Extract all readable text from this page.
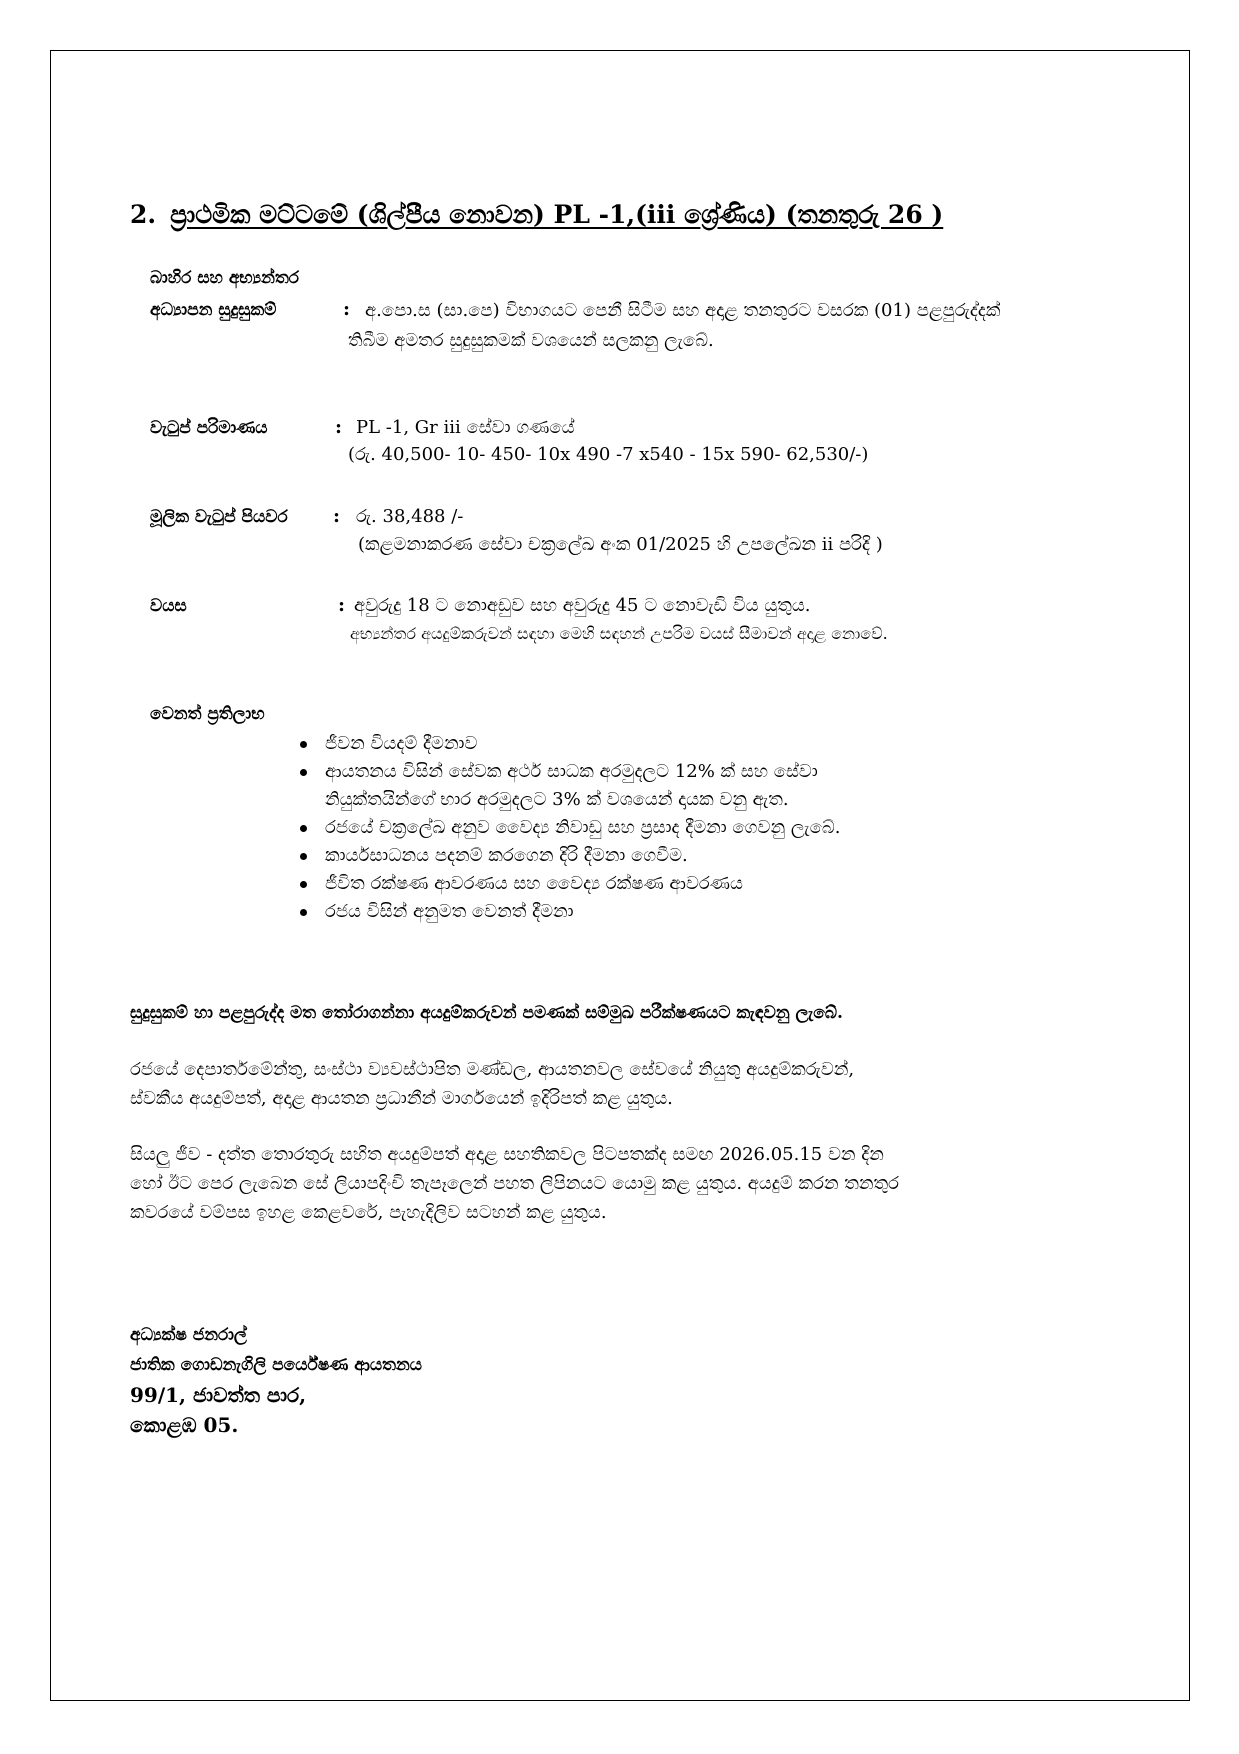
2. ප්‍රාථමික මට්ටමේ (ශිල්පීය නොවන) PL -1,(iii ශ්‍රේණිය) (තනතුරු 26 )
බාහිර සහ අභ්‍යන්තර
අධ්‍යාපන සුදුසුකම්	: අ.පො.ස (සා.පෙ) විභාගයට පෙනී සිටීම සහ අදාළ තනතුරට වසරක (01) පළපුරුද්දක්
තිබීම අමතර සුදුසුකමක් වශයෙන් සලකනු ලැබේ.
වැටුප් පරිමාණය	: PL -1, Gr iii සේවා ගණයේ
(රු. 40,500- 10- 450- 10x 490 -7 x540 - 15x 590- 62,530/-)
මූලික වැටුප් පියවර : රු. 38,488 /-
(කළමනාකරණ සේවා චක්‍රලේඛ අංක 01/2025 හි උපලේඛන ii පරිදි )
වයස	: අවුරුදු 18 ට නොඅඩුව සහ අවුරුදු 45 ට නොවැඩි විය යුතුය.
අභ්‍යන්තර අයදුම්කරුවන් සඳහා මෙහි සඳහන් උපරිම වයස් සීමාවන් අදාළ නොවේ.
වෙනත් ප්‍රතිලාභ
ජීවන වියදම් දීමනාව
ආයතනය විසින් සේවක අර්ථ සාධක අරමුදලට 12% ක් සහ සේවා
නියුක්තයින්ගේ භාර අරමුදලට 3% ක් වශයෙන් දායක වනු ඇත.
රජයේ චක්‍රලේඛ අනුව වෛද්‍ය නිවාඩු සහ ප්‍රසාද දීමනා ගෙවනු ලැබේ.
කාර්යසාධනය පදනම් කරගෙන දිරි දීමනා ගෙවීම.
ජීවිත රක්ෂණ ආවරණය සහ වෛද්‍ය රක්ෂණ ආවරණය
රජය විසින් අනුමත වෙනත් දීමනා
සුදුසුකම් හා පළපුරුද්ද මත තෝරාගන්නා අයදුම්කරුවන් පමණක් සම්මුඛ පරීක්ෂණයට කැඳවනු ලැබේ.

රජයේ දෙපාර්තමේන්තු, සංස්ථා ව්‍යවස්ථාපිත මණ්ඩල, ආයතනවල සේවයේ නියුතු අයදුම්කරුවන්,

ස්වකීය අයදුම්පත්, අදාළ ආයතන ප්‍රධානීන් මාර්ගයෙන් ඉදිරිපත් කළ යුතුය.

සියලු ජීව - දත්ත තොරතුරු සහිත අයදුම්පත් අදාළ සහතිකවල පිටපතක්ද සමඟ 2026.05.15 වන දින

හෝ ඊට පෙර ලැබෙන සේ ලියාපදිංචි තැපෑලෙන් පහත ලිපිනයට යොමු කළ යුතුය. අයදුම් කරන තනතුර

කවරයේ වම්පස ඉහළ කෙළවරේ, පැහැදිලිව සටහන් කළ යුතුය.

අධ්‍යක්ෂ ජනරාල්

ජාතික ගොඩනැගිලි පර්යේෂණ ආයතනය

99/1, ජාවත්ත පාර,

කොළඹ 05.
